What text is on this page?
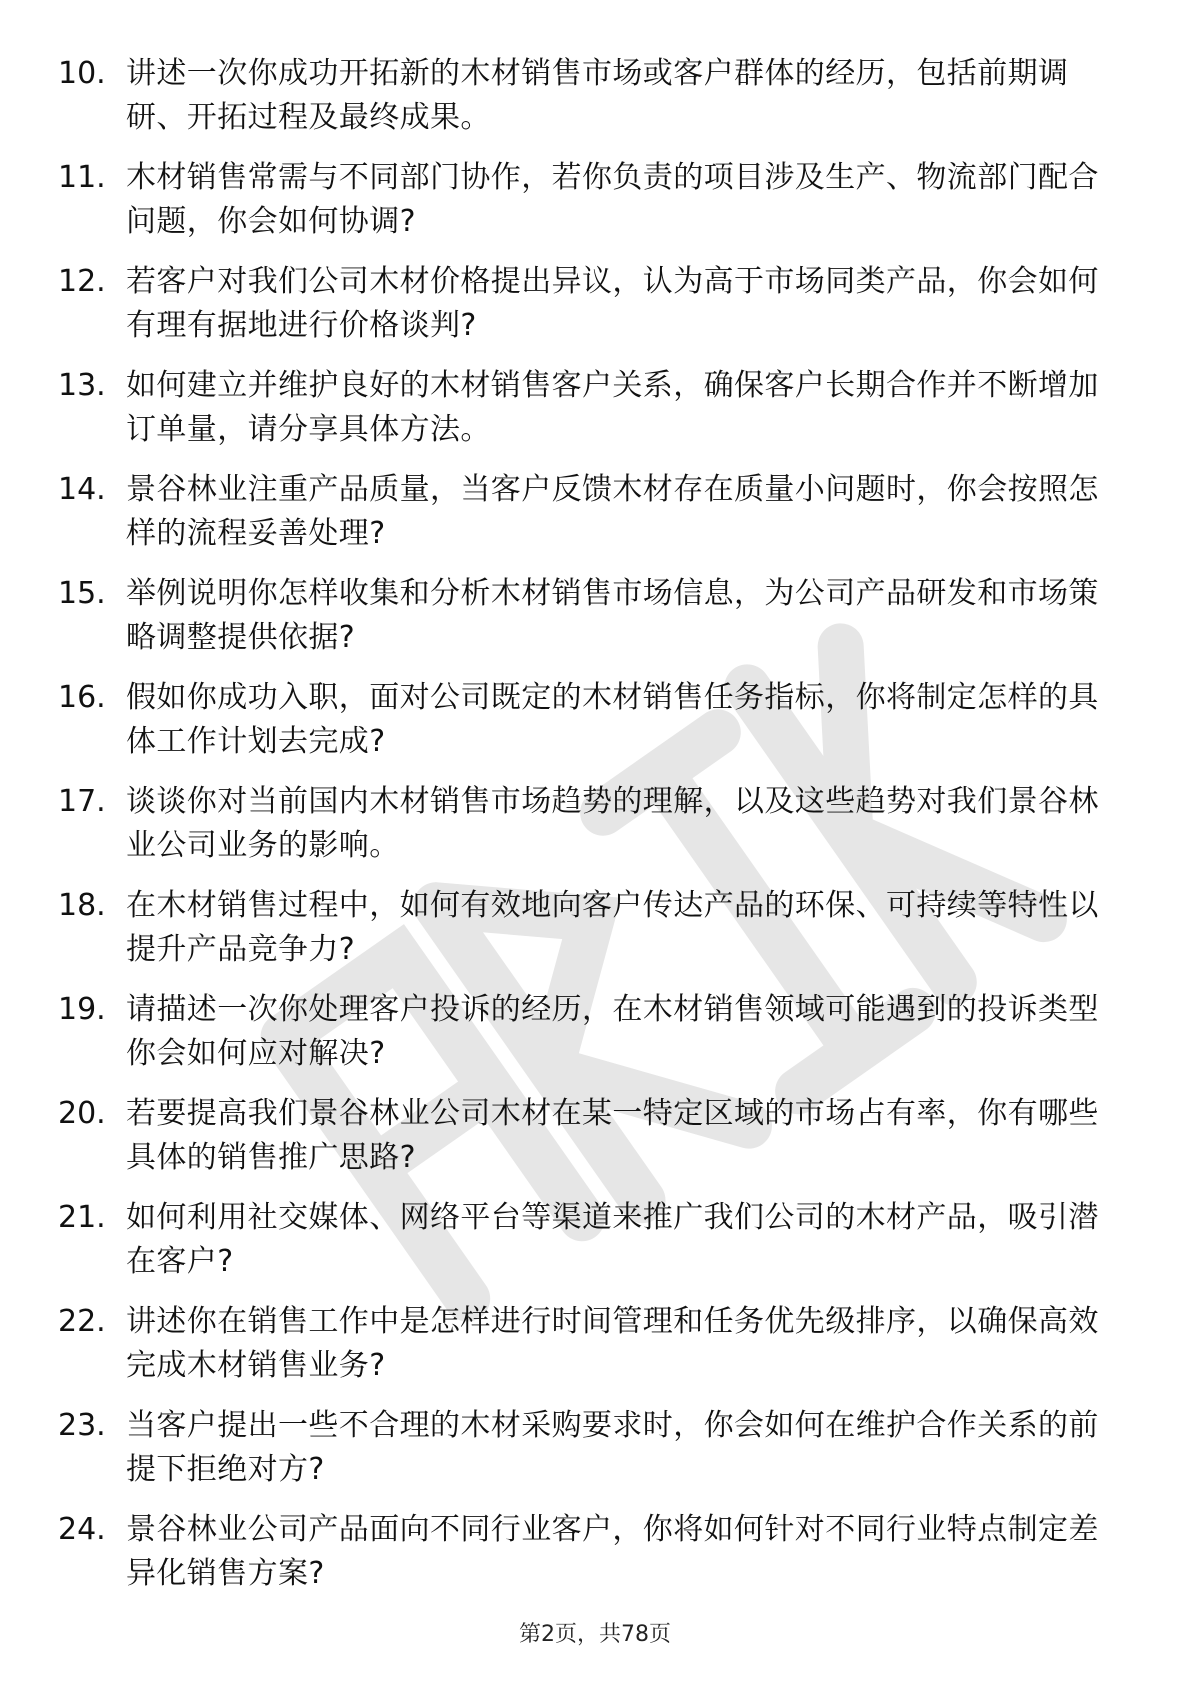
10. 讲述一次你成功开拓新的木材销售市场或客户群体的经历，包括前期调研、开拓过程及最终成果。
11. 木材销售常需与不同部门协作，若你负责的项目涉及生产、物流部门配合问题，你会如何协调?
12. 若客户对我们公司木材价格提出异议，认为高于市场同类产品，你会如何有理有据地进行价格谈判?
13. 如何建立并维护良好的木材销售客户关系，确保客户长期合作并不断增加订单量，请分享具体方法。
14. 景谷林业注重产品质量，当客户反馈木材存在质量小问题时，你会按照怎样的流程妥善处理?
15. 举例说明你怎样收集和分析木材销售市场信息，为公司产品研发和市场策略调整提供依据?
16. 假如你成功入职，面对公司既定的木材销售任务指标，你将制定怎样的具体工作计划去完成?
17. 谈谈你对当前国内木材销售市场趋势的理解，以及这些趋势对我们景谷林业公司业务的影响。
18. 在木材销售过程中，如何有效地向客户传达产品的环保、可持续等特性以提升产品竞争力?
19. 请描述一次你处理客户投诉的经历，在木材销售领域可能遇到的投诉类型你会如何应对解决?
20. 若要提高我们景谷林业公司木材在某一特定区域的市场占有率，你有哪些具体的销售推广思路?
21. 如何利用社交媒体、网络平台等渠道来推广我们公司的木材产品，吸引潜在客户?
22. 讲述你在销售工作中是怎样进行时间管理和任务优先级排序，以确保高效完成木材销售业务?
23. 当客户提出一些不合理的木材采购要求时，你会如何在维护合作关系的前提下拒绝对方?
24. 景谷林业公司产品面向不同行业客户，你将如何针对不同行业特点制定差异化销售方案?
第2页，共78页
